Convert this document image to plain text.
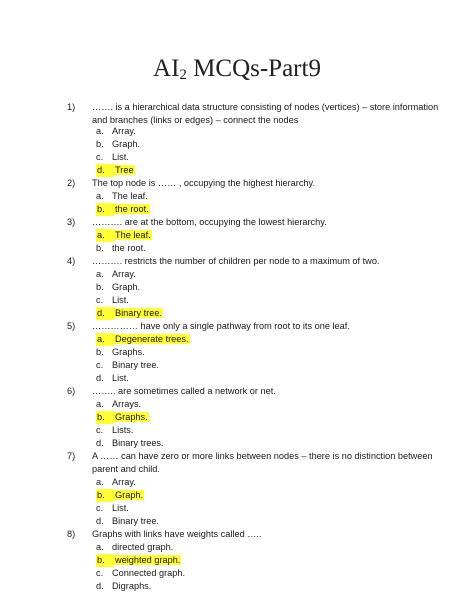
$AI_2$ MCQs-Part9
1) ……. is a hierarchical data structure consisting of nodes (vertices) – store information and branches (links or edges) – connect the nodes
a. Array.
b. Graph.
c. List.
d. Tree
2) The top node is …… , occupying the highest hierarchy.
a. The leaf.
b. the root.
3) ………. are at the bottom, occupying the lowest hierarchy.
a. The leaf.
b. the root.
4) ………. restricts the number of children per node to a maximum of two.
a. Array.
b. Graph.
c. List.
d. Binary tree.
5) …………… have only a single pathway from root to its one leaf.
a. Degenerate trees.
b. Graphs.
c. Binary tree.
d. List.
6) …….. are sometimes called a network or net.
a. Arrays.
b. Graphs.
c. Lists.
d. Binary trees.
7) A …… can have zero or more links between nodes – there is no distinction between parent and child.
a. Array.
b. Graph.
c. List.
d. Binary tree.
8) Graphs with links have weights called …..
a. directed graph.
b. weighted graph.
c. Connected graph.
d. Digraphs.
